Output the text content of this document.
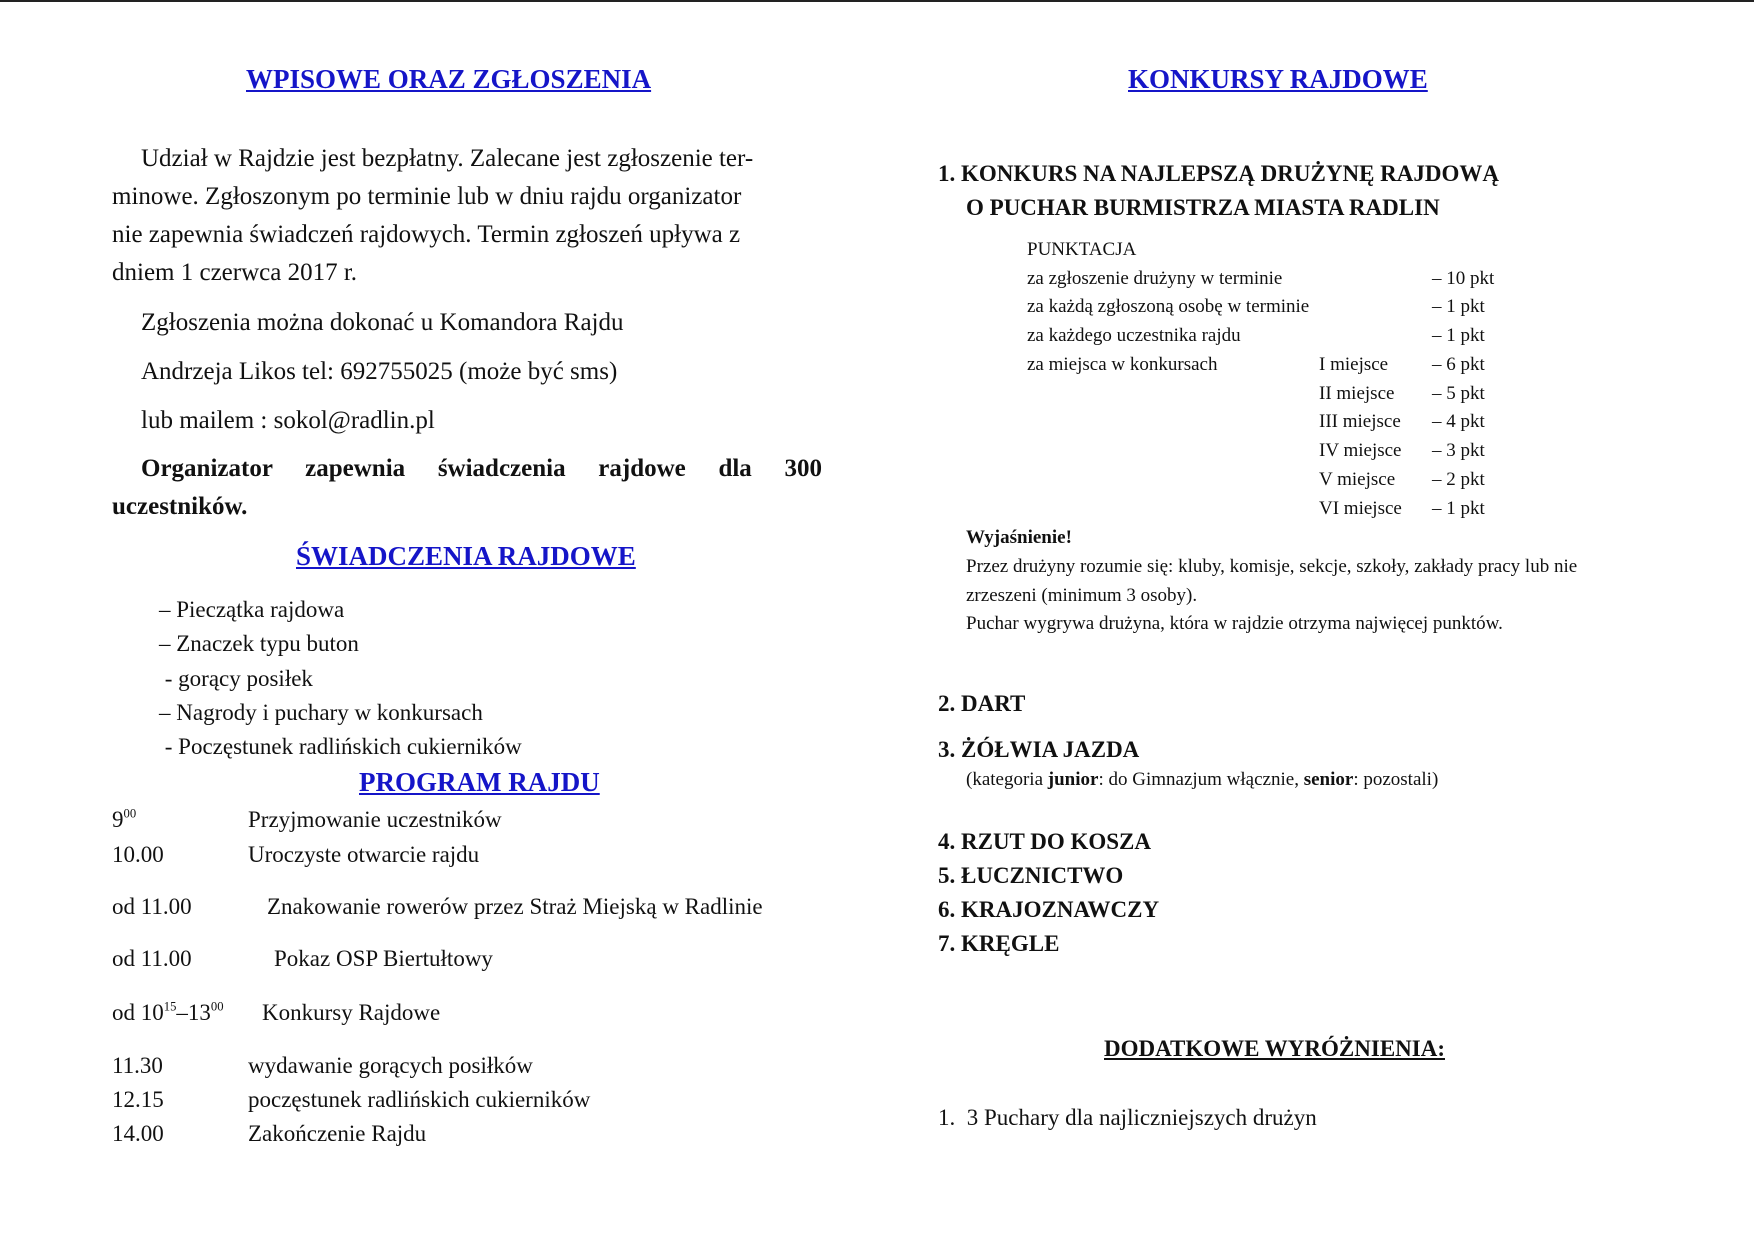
WPISOWE ORAZ ZGŁOSZENIA
Udział w Rajdzie jest bezpłatny. Zalecane jest zgłoszenie ter-
minowe. Zgłoszonym po terminie lub w dniu rajdu organizator
nie zapewnia świadczeń rajdowych. Termin zgłoszeń upływa z
dniem 1 czerwca 2017 r.
Zgłoszenia można dokonać u Komandora Rajdu
Andrzeja Likos tel: 692755025 (może być sms)
lub mailem : sokol@radlin.pl
Organizator zapewnia świadczenia rajdowe dla 300
uczestników.
ŚWIADCZENIA RAJDOWE
– Pieczątka rajdowa
– Znaczek typu buton
- gorący posiłek
– Nagrody i puchary w konkursach
- Poczęstunek radlińskich cukierników
PROGRAM RAJDU
$9^{00}$	Przyjmowanie uczestników
10.00	Uroczyste otwarcie rajdu
od 11.00	Znakowanie rowerów przez Straż Miejską w Radlinie
od 11.00	Pokaz OSP Biertułtowy
od $10^{15}-13^{00}$ Konkursy Rajdowe
11.30	wydawanie gorących posiłków
12.15	poczęstunek radlińskich cukierników
14.00	Zakończenie Rajdu
KONKURSY RAJDOWE
1. KONKURS NA NAJLEPSZĄ DRUŻYNĘ RAJDOWĄ
O PUCHAR BURMISTRZA MIASTA RADLIN
PUNKTACJA
za zgłoszenie drużyny w terminie	– 10 pkt
za każdą zgłoszoną osobę w terminie	– 1 pkt
za każdego uczestnika rajdu	– 1 pkt
za miejsca w konkursach	I miejsce – 6 pkt
II miejsce – 5 pkt
III miejsce – 4 pkt
IV miejsce – 3 pkt
V miejsce – 2 pkt
VI miejsce – 1 pkt
Wyjaśnienie!
Przez drużyny rozumie się: kluby, komisje, sekcje, szkoły, zakłady pracy lub nie
zrzeszeni (minimum 3 osoby).
Puchar wygrywa drużyna, która w rajdzie otrzyma najwięcej punktów.
2. DART
3. ŻÓŁWIA JAZDA
(kategoria junior: do Gimnazjum włącznie, senior: pozostali)
4. RZUT DO KOSZA
5. ŁUCZNICTWO
6. KRAJOZNAWCZY
7. KRĘGLE
DODATKOWE WYRÓŻNIENIA:
1.  3 Puchary dla najliczniejszych drużyn
